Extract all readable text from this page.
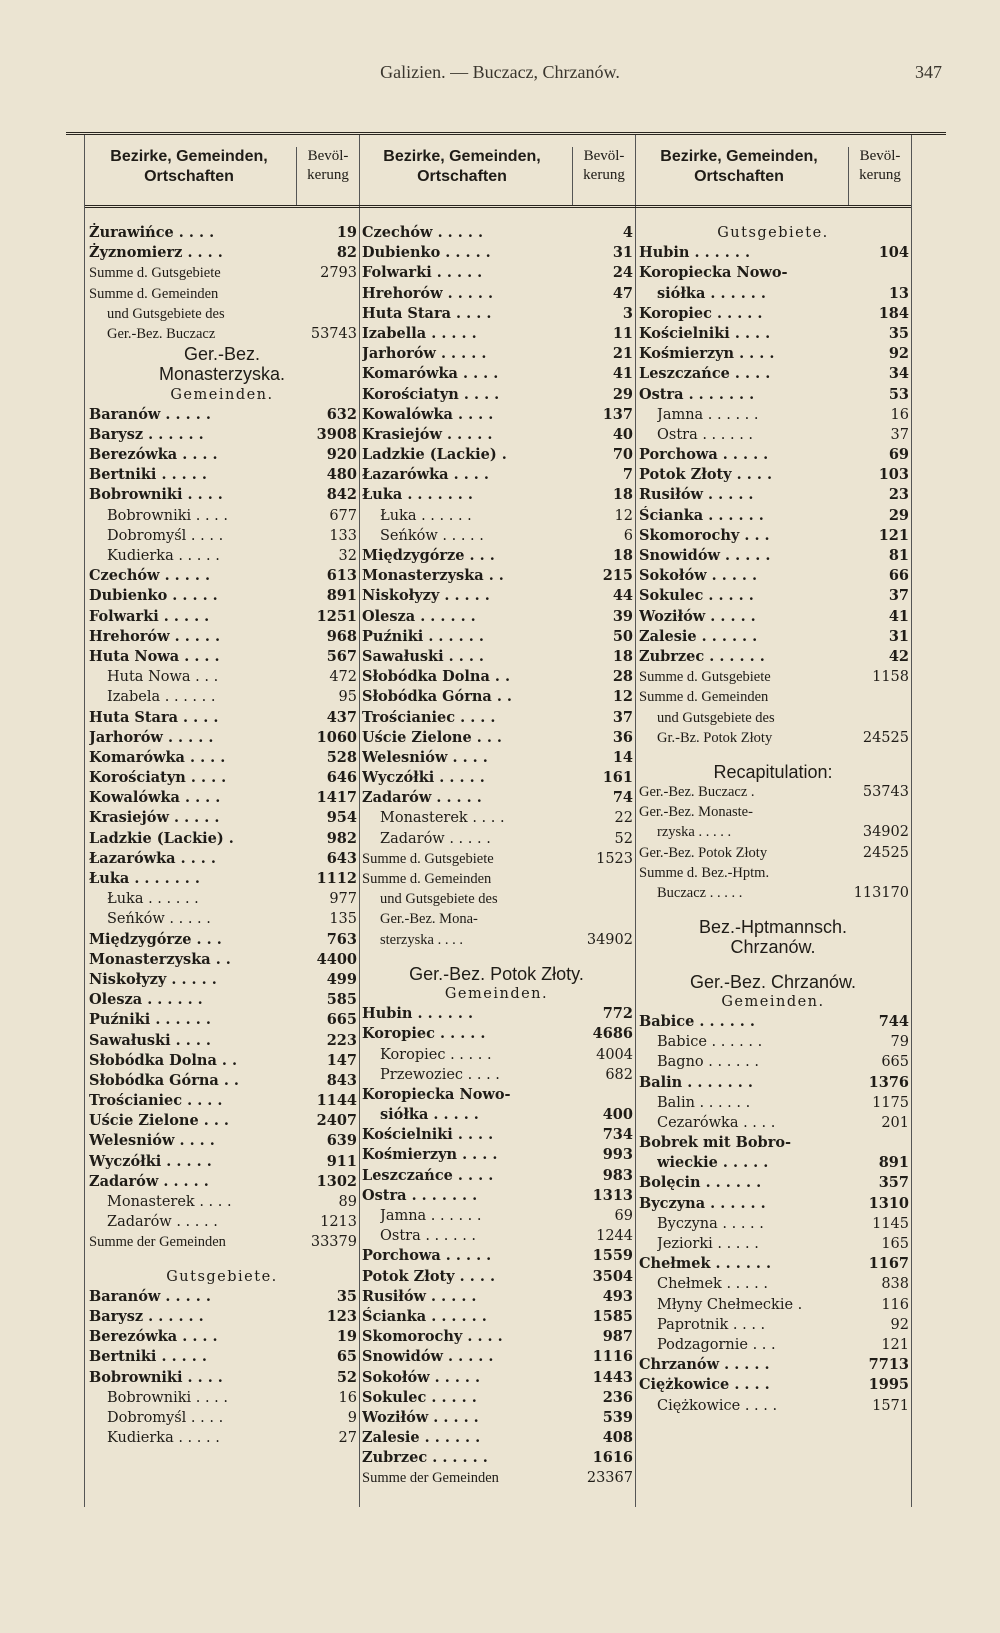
Galizien. — Buczacz, Chrzanów.	347
Bezirke, Gemeinden, Ortschaften
Bevöl-kerung
Żurawińce . . . .	19
Żyznomierz . . . .	82
Summe d. Gutsgebiete	2793
Summe d. Gemeinden
und Gutsgebiete des
Ger.-Bez. Buczacz	53743
Ger.-Bez.
Monasterzyska.
Gemeinden.
Baranów . . . . .	632
Barysz . . . . . .	3908
Berezówka . . . .	920
Bertniki . . . . .	480
Bobrowniki . . . .	842
Bobrowniki . . . .	677
Dobromyśl . . . .	133
Kudierka . . . . .	32
Czechów . . . . .	613
Dubienko . . . . .	891
Folwarki . . . . .	1251
Hrehorów . . . . .	968
Huta Nowa . . . .	567
Huta Nowa . . .	472
Izabela . . . . . .	95
Huta Stara . . . .	437
Jarhorów . . . . .	1060
Komarówka . . . .	528
Korościatyn . . . .	646
Kowalówka . . . .	1417
Krasiejów . . . . .	954
Ladzkie (Lackie) .	982
Łazarówka . . . .	643
Łuka . . . . . . .	1112
Łuka . . . . . .	977
Seńków . . . . .	135
Międzygórze . . .	763
Monasterzyska . .	4400
Niskołyzy . . . . .	499
Olesza . . . . . .	585
Puźniki . . . . . .	665
Sawałuski . . . .	223
Słobódka Dolna . .	147
Słobódka Górna . .	843
Trościaniec . . . .	1144
Uście Zielone . . .	2407
Welesniów . . . .	639
Wyczółki . . . . .	911
Zadarów . . . . .	1302
Monasterek . . . .	89
Zadarów . . . . .	1213
Summe der Gemeinden	33379
Gutsgebiete.
Baranów . . . . .	35
Barysz . . . . . .	123
Berezówka . . . .	19
Bertniki . . . . .	65
Bobrowniki . . . .	52
Bobrowniki . . . .	16
Dobromyśl . . . .	9
Kudierka . . . . .	27
Bezirke, Gemeinden, Ortschaften
Bevöl-kerung
Czechów . . . . .	4
Dubienko . . . . .	31
Folwarki . . . . .	24
Hrehorów . . . . .	47
Huta Stara . . . .	3
Izabella . . . . .	11
Jarhorów . . . . .	21
Komarówka . . . .	41
Korościatyn . . . .	29
Kowalówka . . . .	137
Krasiejów . . . . .	40
Ladzkie (Lackie) .	70
Łazarówka . . . .	7
Łuka . . . . . . .	18
Łuka . . . . . .	12
Seńków . . . . .	6
Międzygórze . . .	18
Monasterzyska . .	215
Niskołyzy . . . . .	44
Olesza . . . . . .	39
Puźniki . . . . . .	50
Sawałuski . . . .	18
Słobódka Dolna . .	28
Słobódka Górna . .	12
Trościaniec . . . .	37
Uście Zielone . . .	36
Welesniów . . . .	14
Wyczółki . . . . .	161
Zadarów . . . . .	74
Monasterek . . . .	22
Zadarów . . . . .	52
Summe d. Gutsgebiete	1523
Summe d. Gemeinden
und Gutsgebiete des
Ger.-Bez. Mona-
sterzyska . . . .	34902
Ger.-Bez. Potok Złoty.
Gemeinden.
Hubin . . . . . .	772
Koropiec . . . . .	4686
Koropiec . . . . .	4004
Przewoziec . . . .	682
Koropiecka Nowo-
siółka . . . . .	400
Kościelniki . . . .	734
Kośmierzyn . . . .	993
Leszczańce . . . .	983
Ostra . . . . . . .	1313
Jamna . . . . . .	69
Ostra . . . . . .	1244
Porchowa . . . . .	1559
Potok Złoty . . . .	3504
Rusiłów . . . . .	493
Ścianka . . . . . .	1585
Skomorochy . . . .	987
Snowidów . . . . .	1116
Sokołów . . . . .	1443
Sokulec . . . . .	236
Woziłów . . . . .	539
Zalesie . . . . . .	408
Zubrzec . . . . . .	1616
Summe der Gemeinden	23367
Bezirke, Gemeinden, Ortschaften
Bevöl-kerung
Gutsgebiete.
Hubin . . . . . .	104
Koropiecka Nowo-
siółka . . . . . .	13
Koropiec . . . . .	184
Kościelniki . . . .	35
Kośmierzyn . . . .	92
Leszczańce . . . .	34
Ostra . . . . . . .	53
Jamna . . . . . .	16
Ostra . . . . . .	37
Porchowa . . . . .	69
Potok Złoty . . . .	103
Rusiłów . . . . .	23
Ścianka . . . . . .	29
Skomorochy . . .	121
Snowidów . . . . .	81
Sokołów . . . . .	66
Sokulec . . . . .	37
Woziłów . . . . .	41
Zalesie . . . . . .	31
Zubrzec . . . . . .	42
Summe d. Gutsgebiete	1158
Summe d. Gemeinden
und Gutsgebiete des
Gr.-Bz. Potok Złoty	24525
Recapitulation:
Ger.-Bez. Buczacz .	53743
Ger.-Bez. Monaste-
rzyska . . . . .	34902
Ger.-Bez. Potok Złoty	24525
Summe d. Bez.-Hptm.
Buczacz . . . . .	113170
Bez.-Hptmannsch.
Chrzanów.
Ger.-Bez. Chrzanów.
Gemeinden.
Babice . . . . . .	744
Babice . . . . . .	79
Bagno . . . . . .	665
Balin . . . . . . .	1376
Balin . . . . . .	1175
Cezarówka . . . .	201
Bobrek mit Bobro-
wieckie . . . . .	891
Bolęcin . . . . . .	357
Byczyna . . . . . .	1310
Byczyna . . . . .	1145
Jeziorki . . . . .	165
Chełmek . . . . . .	1167
Chełmek . . . . .	838
Młyny Chełmeckie .	116
Paprotnik . . . .	92
Podzagornie . . .	121
Chrzanów . . . . .	7713
Ciężkowice . . . .	1995
Ciężkowice . . . .	1571
